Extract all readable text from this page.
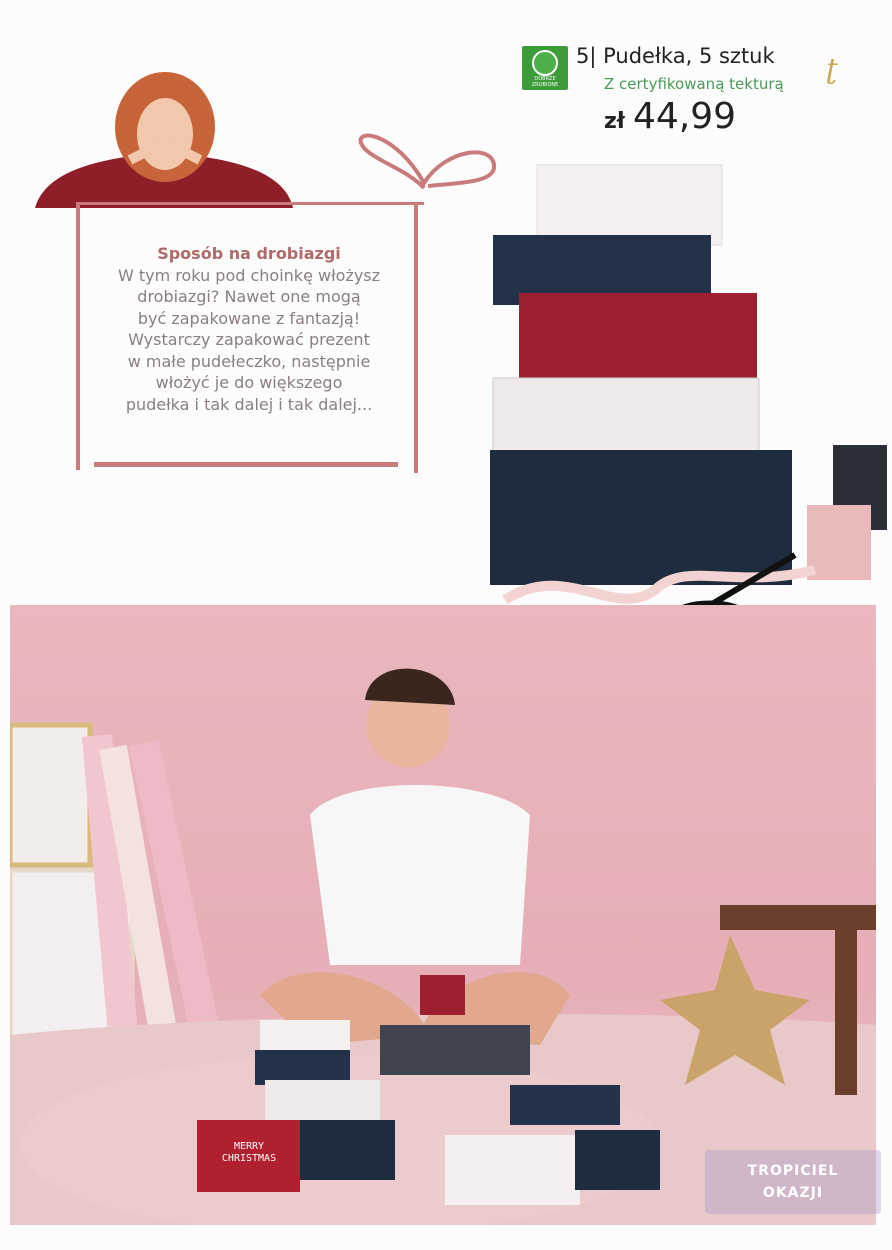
DOBRZE ZROBIONE
5| Pudełka, 5 sztuk
Z certyfikowaną tekturą
zł 44,99
ʈ
Sposób na drobiazgi

W tym roku pod choinkę włożysz

drobiazgi? Nawet one mogą

być zapakowane z fantazją!

Wystarczy zapakować prezent

w małe pudełeczko, następnie

włożyć je do większego

pudełka i tak dalej i tak dalej...

MERRY CHRISTMAS
TROPICIEL
OKAZJI
